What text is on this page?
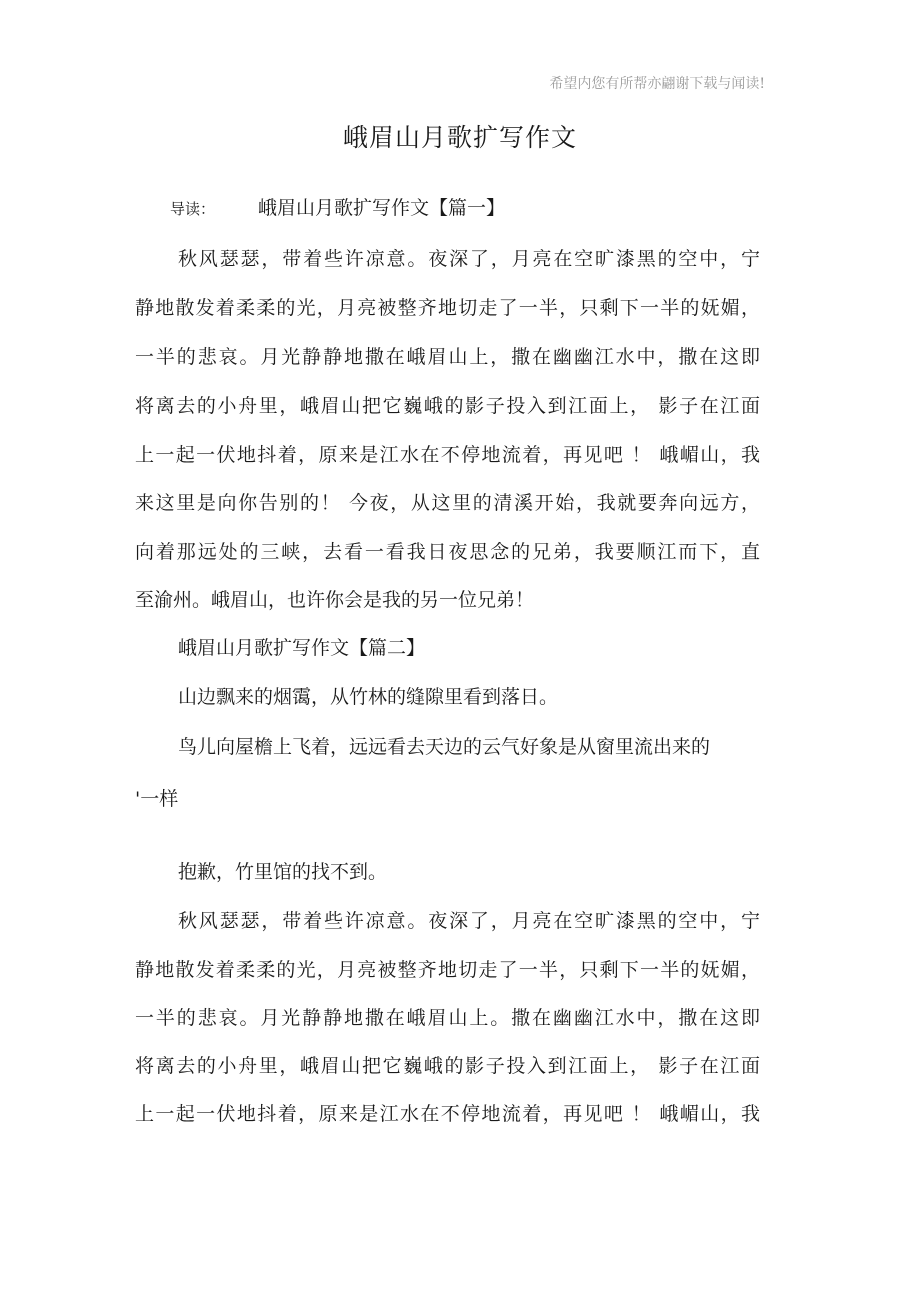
希望内您有所帮亦翩谢下载与闻读!
峨眉山月歌扩写作文
导读： 峨眉山月歌扩写作文【篇一】
秋风瑟瑟，带着些许凉意。夜深了，月亮在空旷漆黑的空中，宁
静地散发着柔柔的光，月亮被整齐地切走了一半，只剩下一半的妩媚，
一半的悲哀。月光静静地撒在峨眉山上，撒在幽幽江水中，撒在这即
将离去的小舟里，峨眉山把它巍峨的影子投入到江面上， 影子在江面
上一起一伏地抖着，原来是江水在不停地流着，再见吧 ！ 峨嵋山，我
来这里是向你告别的！ 今夜，从这里的清溪开始，我就要奔向远方，
向着那远处的三峡，去看一看我日夜思念的兄弟，我要顺江而下，直
至渝州。峨眉山，也许你会是我的另一位兄弟！
峨眉山月歌扩写作文【篇二】
山边飘来的烟霭，从竹林的缝隙里看到落日。
鸟儿向屋檐上飞着，远远看去天边的云气好象是从窗里流出来的
'一样
抱歉，竹里馆的找不到。
秋风瑟瑟，带着些许凉意。夜深了，月亮在空旷漆黑的空中，宁
静地散发着柔柔的光，月亮被整齐地切走了一半，只剩下一半的妩媚，
一半的悲哀。月光静静地撒在峨眉山上。撒在幽幽江水中，撒在这即
将离去的小舟里，峨眉山把它巍峨的影子投入到江面上， 影子在江面
上一起一伏地抖着，原来是江水在不停地流着，再见吧 ！ 峨嵋山，我
